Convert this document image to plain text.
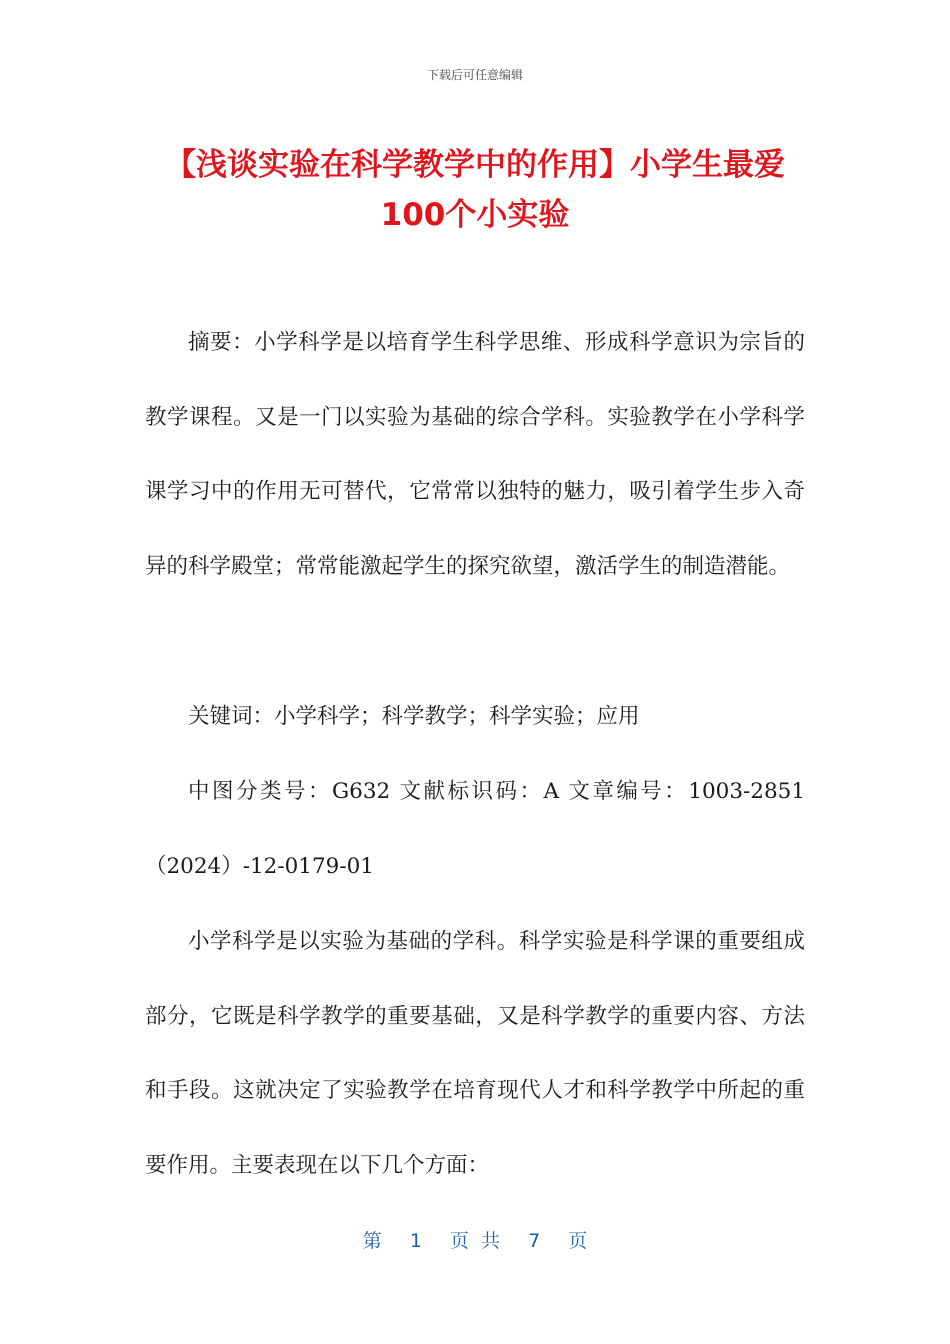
下载后可任意编辑
【浅谈实验在科学教学中的作用】小学生最爱100个小实验

摘要：小学科学是以培育学生科学思维、形成科学意识为宗旨的教学课程。又是一门以实验为基础的综合学科。实验教学在小学科学课学习中的作用无可替代，它常常以独特的魅力，吸引着学生步入奇异的科学殿堂；常常能激起学生的探究欲望，激活学生的制造潜能。

关键词：小学科学；科学教学；科学实验；应用

中图分类号：G632 文献标识码：A 文章编号：1003-2851（2024）-12-0179-01

小学科学是以实验为基础的学科。科学实验是科学课的重要组成部分，它既是科学教学的重要基础，又是科学教学的重要内容、方法和手段。这就决定了实验教学在培育现代人才和科学教学中所起的重要作用。主要表现在以下几个方面：

第 1 页 共 7 页
